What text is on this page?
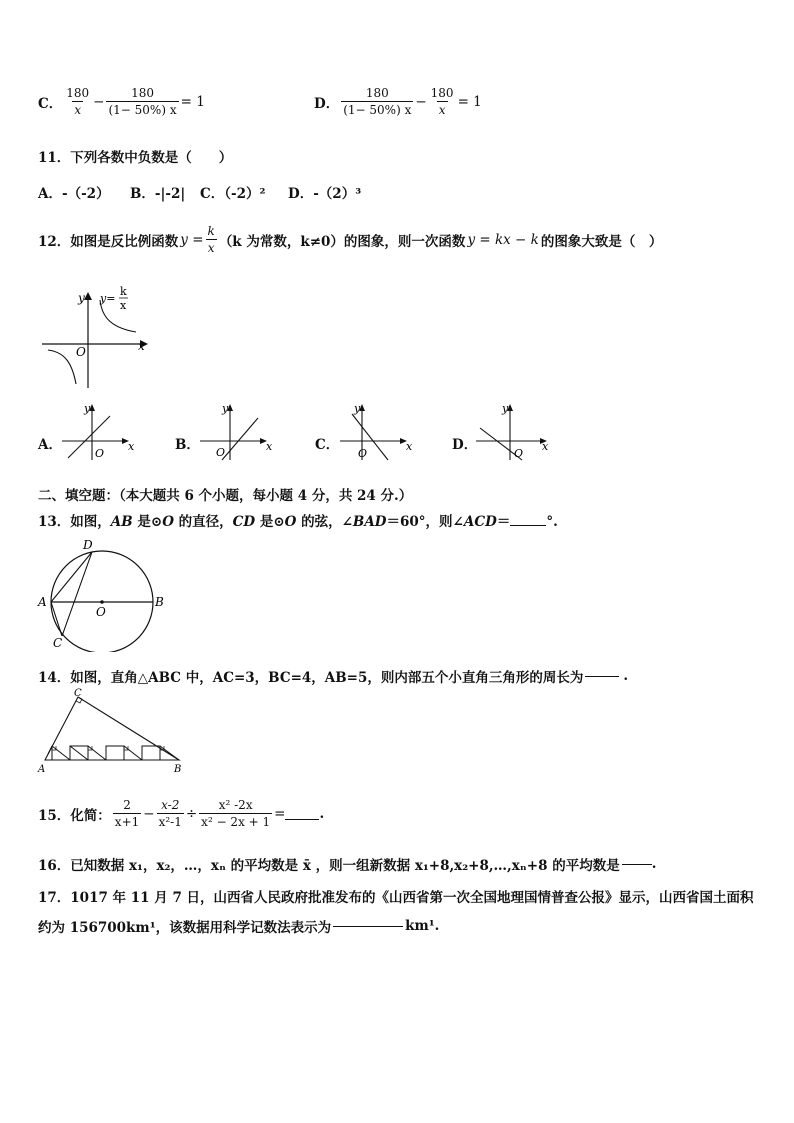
C． $\frac{180}{x} - \frac{180}{(1- 50\%) x} = 1$	D． $\frac{180}{(1- 50\%) x} - \frac{180}{x} = 1$
11．下列各数中负数是（　　）
A．-（-2） B．-|-2| C．（-2）² D．-（2）³
12．如图是反比例函数 $y = \frac{k}{x} (k$ 为常数，k≠0）的图象，则一次函数 y = kx − k 的图象大致是（　）
y y=
k
x
x
O
A．
y
x
O
B．
y
x
O	C．
y
x
O
D．
y
x
O
二、填空题：（本大题共 6 个小题，每小题 4 分，共 24 分.）
13．如图，AB 是⊙O 的直径，CD 是⊙O 的弦，∠BAD＝60°，则∠ACD＝	°.
D
A
O
B
C
14．如图，直角△ABC 中，AC=3，BC=4，AB=5，则内部五个小直角三角形的周长为	.
C
A	B
15．化简： $\frac{2}{x+1} - \frac{x-2}{\text{x²-1}} \div \frac{\text{x² -2x}}{\text{x² − 2x + 1}}$ =	.
16．已知数据 x₁，x₂，…，xₙ 的平均数是 x̄ ，则一组新数据 x₁+8,x₂+8,…,xₙ+8 的平均数是 .
17．1017 年 11 月 7 日，山西省人民政府批准发布的《山西省第一次全国地理国情普查公报》显示，山西省国土面积
约为 156700km¹，该数据用科学记数法表示为	km¹.
